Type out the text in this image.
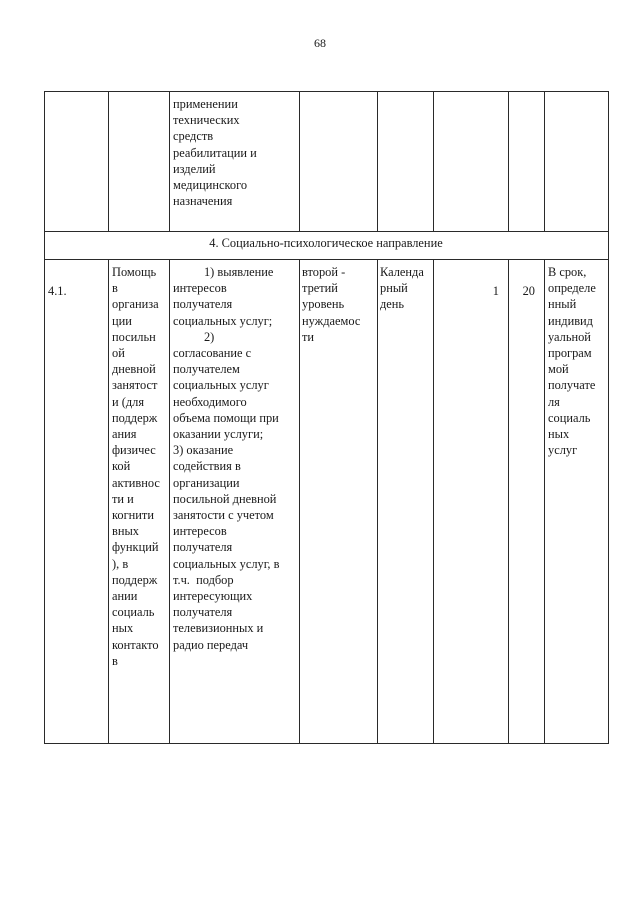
68
применении
технических
средств
реабилитации и
изделий
медицинского
назначения
4. Социально-психологическое направление
4.1.
Помощь
в
организа
ции
посильн
ой
дневной
занятост
и (для
поддерж
ания
физичес
кой
активнос
ти и
когнити
вных
функций
), в
поддерж
ании
социаль
ных
контакто
в
1) выявление
интересов
получателя
социальных услуг;
2)
согласование с
получателем
социальных услуг
необходимого
объема помощи при
оказании услуги;
3) оказание
содействия в
организации
посильной дневной
занятости с учетом
интересов
получателя
социальных услуг, в
т.ч.  подбор
интересующих
получателя
телевизионных и
радио передач
второй -
третий
уровень
нуждаемос
ти
Календа
рный
день
1	20
В срок,
определе
нный
индивид
уальной
програм
мой
получате
ля
социаль
ных
услуг
